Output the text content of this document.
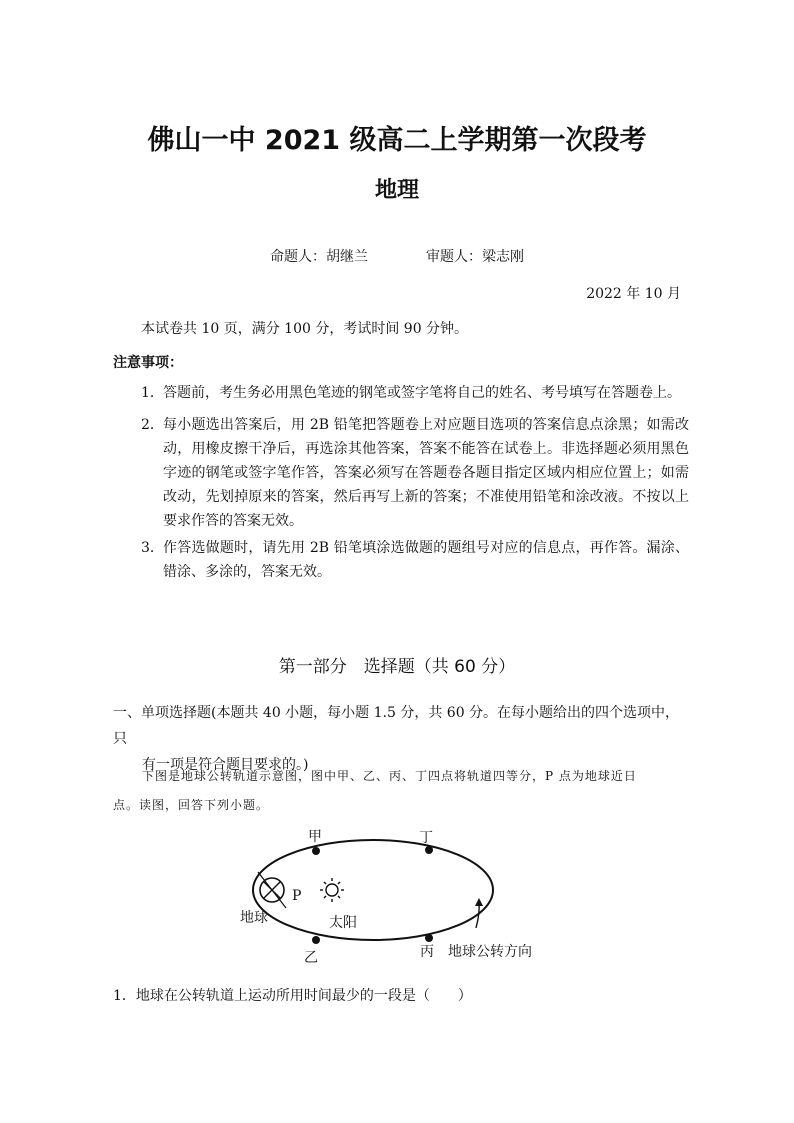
佛山一中 2021 级高二上学期第一次段考
地理
命题人：胡继兰	审题人：梁志刚
2022 年 10 月
本试卷共 10 页，满分 100 分，考试时间 90 分钟。
注意事项：
1． 答题前，考生务必用黑色笔迹的钢笔或签字笔将自己的姓名、考号填写在答题卷上。
2． 每小题选出答案后，用 2B 铅笔把答题卷上对应题目选项的答案信息点涂黑；如需改动，用橡皮擦干净后，再选涂其他答案，答案不能答在试卷上。非选择题必须用黑色字迹的钢笔或签字笔作答，答案必须写在答题卷各题目指定区域内相应位置上；如需改动，先划掉原来的答案，然后再写上新的答案；不准使用铅笔和涂改液。不按以上要求作答的答案无效。
3． 作答选做题时，请先用 2B 铅笔填涂选做题的题组号对应的信息点，再作答。漏涂、错涂、多涂的，答案无效。
第一部分　选择题（共 60 分）
一、单项选择题(本题共 40 小题，每小题 1.5 分，共 60 分。在每小题给出的四个选项中，只
有一项是符合题目要求的。)
下图是地球公转轨道示意图，图中甲、乙、丙、丁四点将轨道四等分，P 点为地球近日
点。读图，回答下列小题。
甲	丁
乙	丙
P
地球	太阳
地球公转方向
1．地球在公转轨道上运动所用时间最少的一段是（　　）
